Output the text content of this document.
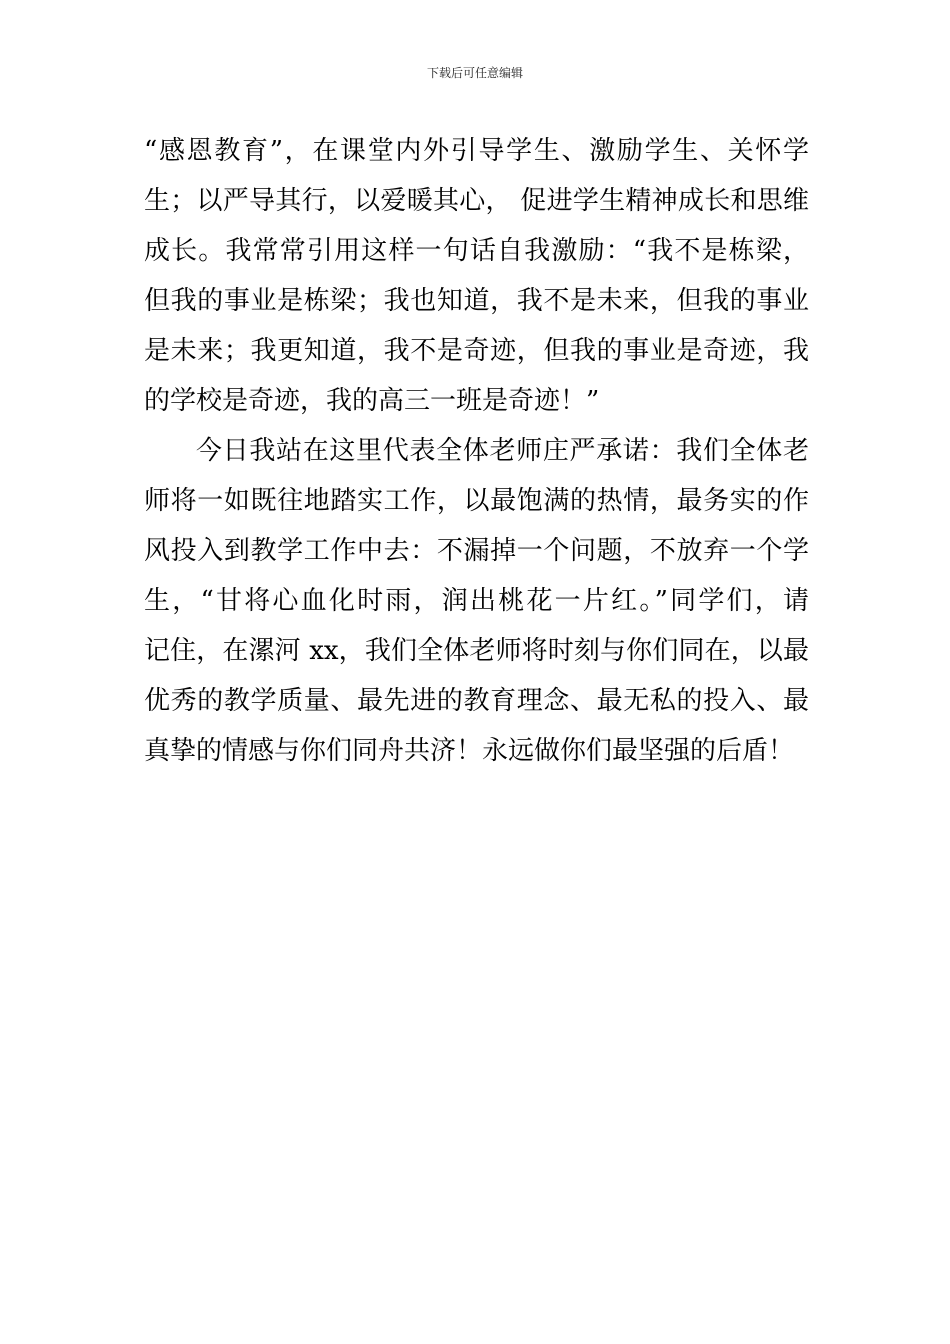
下载后可任意编辑
“感恩教育”，在课堂内外引导学生、激励学生、关怀学
生；以严导其行，以爱暖其心， 促进学生精神成长和思维
成长。我常常引用这样一句话自我激励：“我不是栋梁，
但我的事业是栋梁；我也知道，我不是未来，但我的事业
是未来；我更知道，我不是奇迹，但我的事业是奇迹，我
的学校是奇迹，我的高三一班是奇迹！”
今日我站在这里代表全体老师庄严承诺：我们全体老
师将一如既往地踏实工作，以最饱满的热情，最务实的作
风投入到教学工作中去：不漏掉一个问题，不放弃一个学
生，“甘将心血化时雨，润出桃花一片红。”同学们，请
记住，在漯河 xx，我们全体老师将时刻与你们同在，以最
优秀的教学质量、最先进的教育理念、最无私的投入、最
真挚的情感与你们同舟共济！永远做你们最坚强的后盾！
